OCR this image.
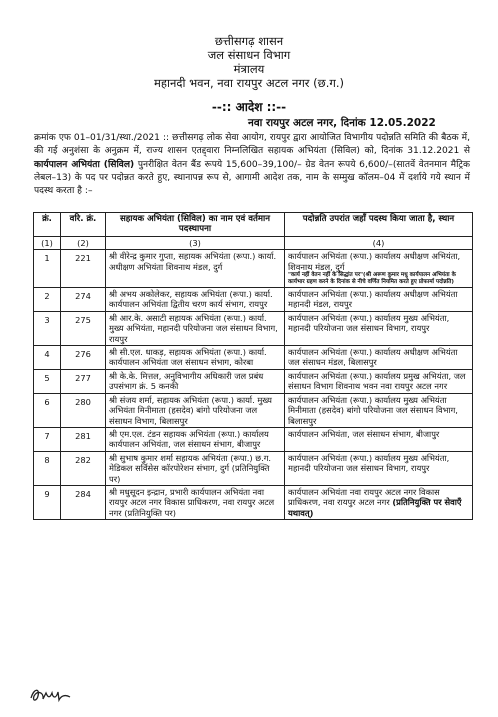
छत्तीसगढ़ शासन
जल संसाधन विभाग
मंत्रालय
महानदी भवन, नवा रायपुर अटल नगर (छ.ग.)
--:: आदेश ::--
नवा रायपुर अटल नगर, दिनांक 12.05.2022
क्रमांक एफ 01–01/31/स्था./2021 :: छत्तीसगढ़ लोक सेवा आयोग, रायपुर द्वारा आयोजित विभागीय पदोन्नति समिति की बैठक में, की गई अनुशंसा के अनुक्रम में, राज्य शासन एतद्द्वारा निम्नलिखित सहायक अभियंता (सिविल) को, दिनांक 31.12.2021 से कार्यपालन अभियंता (सिविल) पुनरीक्षित वेतन बैंड रूपये 15,600–39,100/– ग्रेड वेतन रूपये 6,600/–(सातवें वेतनमान मैट्रिक लेबल–13) के पद पर पदोन्नत करते हुए, स्थानापन्न रूप से, आगामी आदेश तक, नाम के सम्मुख कॉलम–04 में दर्शाये गये स्थान में पदस्थ करता है :–
क्रं.	वरि. क्रं.	सहायक अभियंता (सिविल) का नाम एवं वर्तमान पदस्थापना	पदोन्नति उपरांत जहाँ पदस्थ किया जाता है, स्थान
(1)	(2)	(3)	(4)
1	221	श्री वीरेन्द्र कुमार गुप्ता, सहायक अभियंता (रूपा.) कार्या. अधीक्षण अभियंता शिवनाथ मंडल, दुर्ग	कार्यपालन अभियंता (रूपा.) कार्यालय अधीक्षण अभियंता, शिवनाथ मंडल, दुर्ग
"कार्य नहीं वेतन नहीं के सिद्धांत पर"(श्री अरूण कुमार मधु कार्यपालन अभियंता के कार्यभार ग्रहण करने के दिनांक से नीचे वर्णित नियमित करते हुए प्रोफार्मा पदोन्नति)

2	274	श्री अभय अकोलेकर, सहायक अभियंता (रूपा.) कार्या. कार्यपालन अभियंता द्वितीय चरण कार्य संभाग, रायपुर	कार्यपालन अभियंता (रूपा.) कार्यालय अधीक्षण अभियंता महानदी मंडल, रायपुर
3	275	श्री आर.के. असाटी सहायक अभियंता (रूपा.) कार्या. मुख्य अभियंता, महानदी परियोजना जल संसाधन विभाग, रायपुर	कार्यपालन अभियंता (रूपा.) कार्यालय मुख्य अभियंता, महानदी परियोजना जल संसाधन विभाग, रायपुर
4	276	श्री सी.एल. धाकड़, सहायक अभियंता (रूपा.) कार्या. कार्यपालन अभियंता जल संसाधन संभाग, कोरबा	कार्यपालन अभियंता (रूपा.) कार्यालय अधीक्षण अभियंता जल संसाधन मंडल, बिलासपुर
5	277	श्री के.के. मित्तल, अनुविभागीय अधिकारी जल प्रबंध उपसंभाग क्रं. 5 कनकी	कार्यपालन अभियंता (रूपा.) कार्यालय प्रमुख अभियंता, जल संसाधन विभाग शिवनाथ भवन नवा रायपुर अटल नगर
6	280	श्री संजय शर्मा, सहायक अभियंता (रूपा.) कार्या. मुख्य अभियंता मिनीमाता (हसदेव) बांगो परियोजना जल संसाधन विभाग, बिलासपुर	कार्यपालन अभियंता (रूपा.) कार्यालय मुख्य अभियंता मिनीमाता (हसदेव) बांगो परियोजना जल संसाधन विभाग, बिलासपुर
7	281	श्री एम.एल. टंडन सहायक अभियंता (रूपा.) कार्यालय कार्यपालन अभियंता, जल संसाधन संभाग, बीजापुर	कार्यपालन अभियंता, जल संसाधन संभाग, बीजापुर
8	282	श्री सुभाष कुमार शर्मा सहायक अभियंता (रूपा.) छ.ग. मेडिकल सर्विसेस कॉरपोरेशन संभाग, दुर्ग (प्रतिनियुक्ति पर)	कार्यपालन अभियंता (रूपा.) कार्यालय मुख्य अभियंता, महानदी परियोजना जल संसाधन विभाग, रायपुर
9	284	श्री मधुसूदन इन्द्रान, प्रभारी कार्यपालन अभियंता नवा रायपुर अटल नगर विकास प्राधिकरण, नवा रायपुर अटल नगर (प्रतिनियुक्ति पर)	कार्यपालन अभियंता नवा रायपुर अटल नगर विकास प्राधिकरण, नवा रायपुर अटल नगर (प्रतिनियुक्ति पर सेवाएँ यथावत्)
